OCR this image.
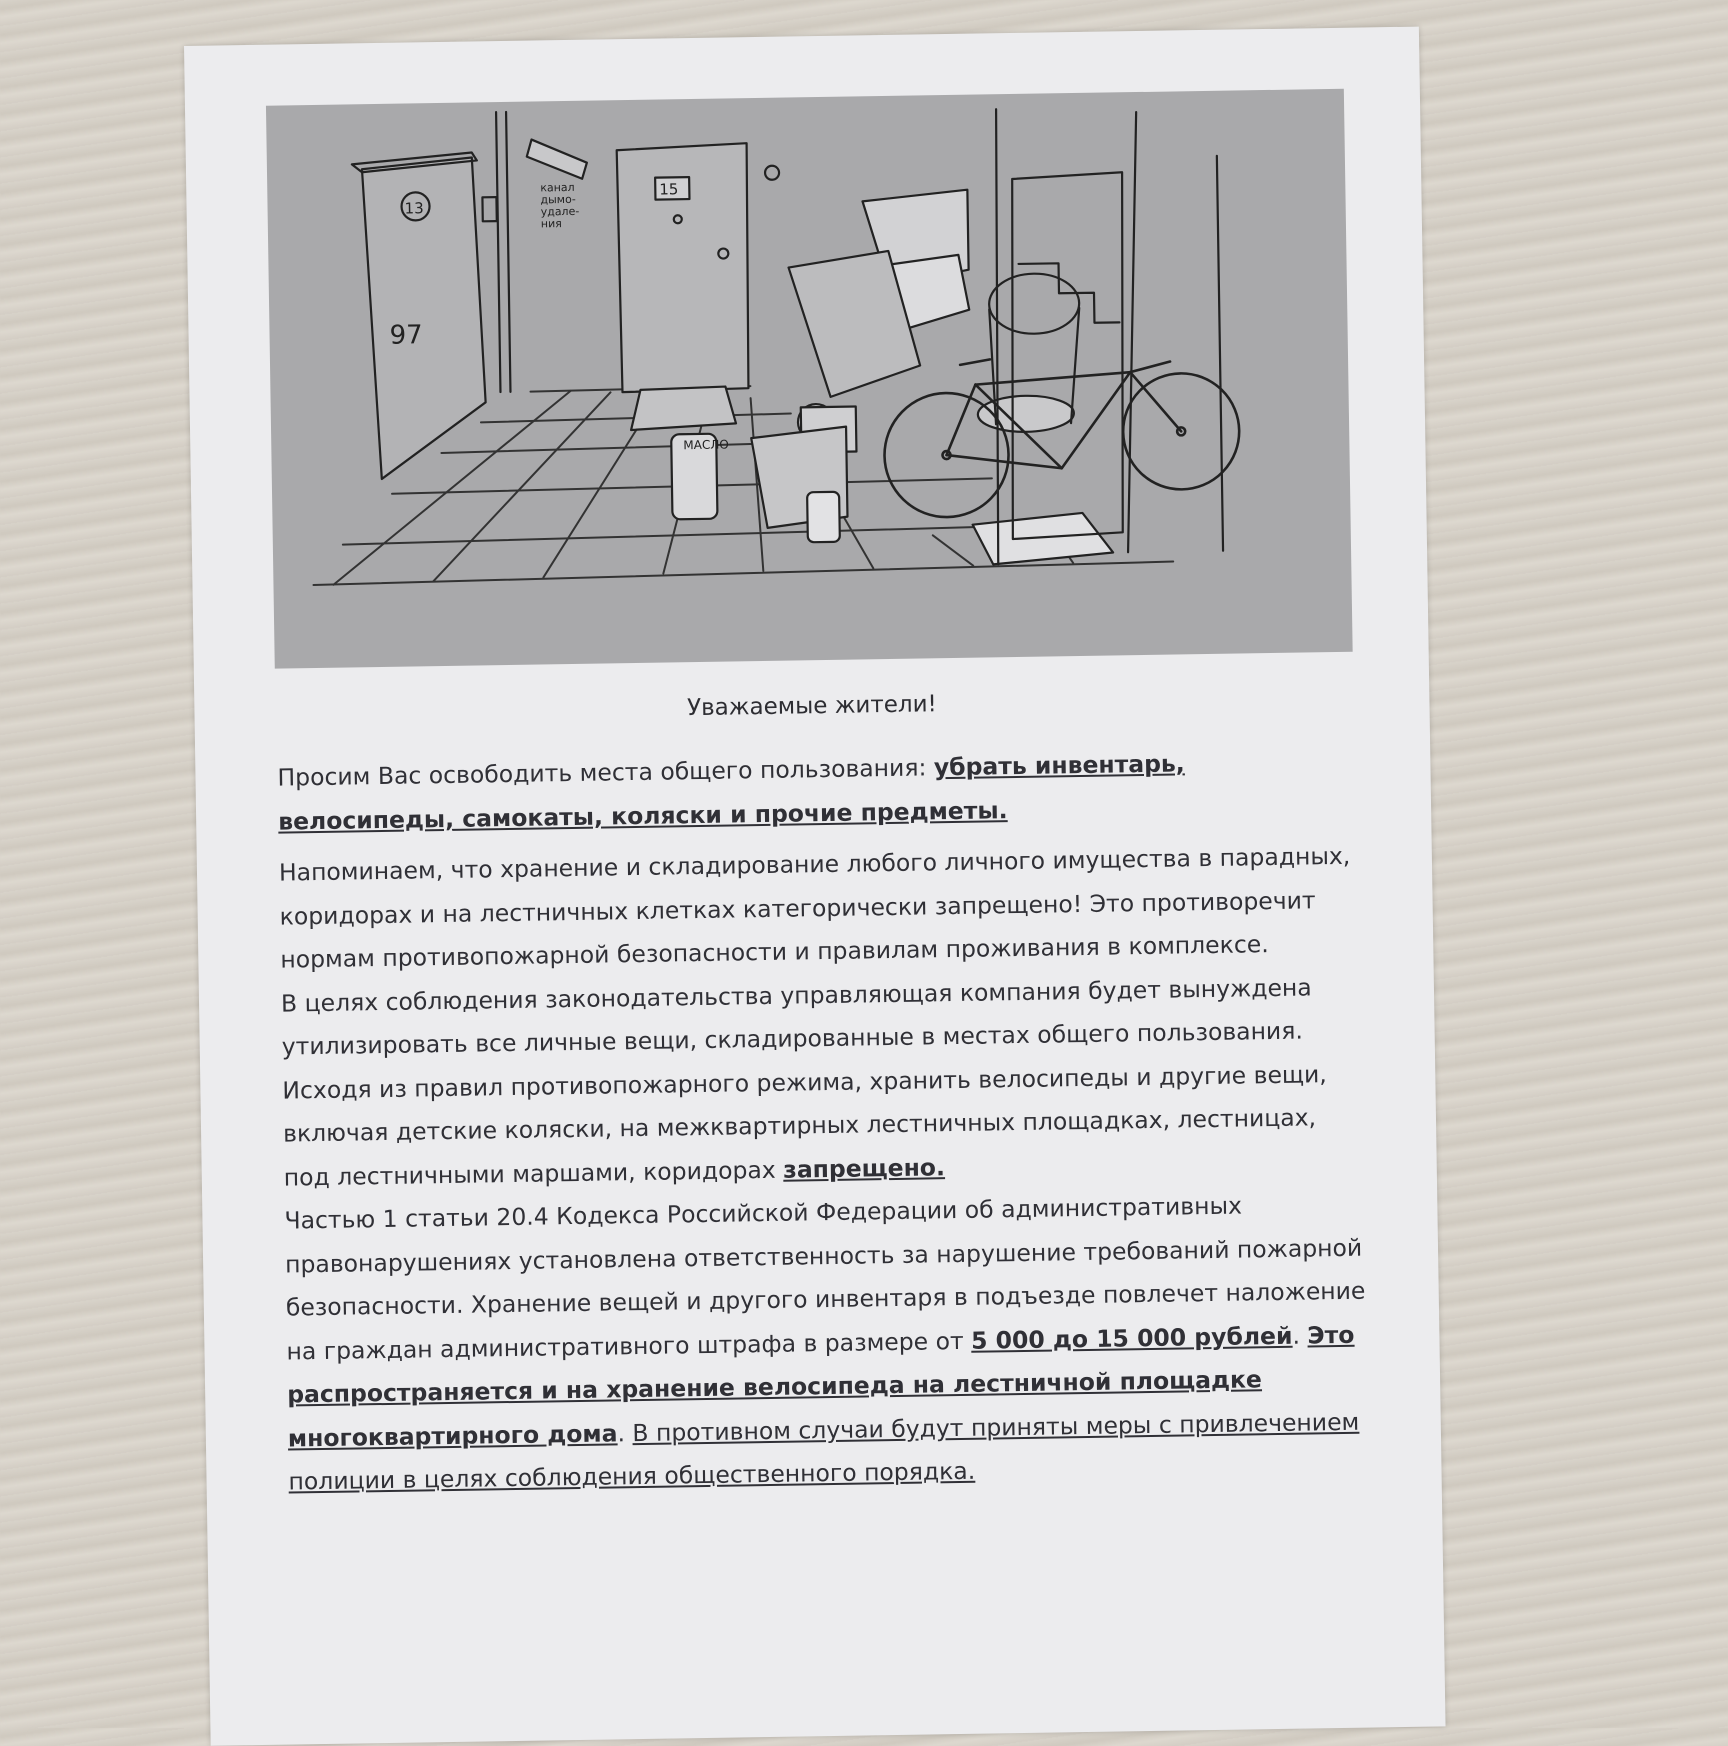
13
97
канал
дымо-
удале-
ния
15
МАСЛО
Уважаемые жители!

Просим Вас освободить места общего пользования: убрать инвентарь, велосипеды, самокаты, коляски и прочие предметы.

Напоминаем, что хранение и складирование любого личного имущества в парадных, коридорах и на лестничных клетках категорически запрещено! Это противоречит нормам противопожарной безопасности и правилам проживания в комплексе.

В целях соблюдения законодательства управляющая компания будет вынуждена утилизировать все личные вещи, складированные в местах общего пользования.

Исходя из правил противопожарного режима, хранить велосипеды и другие вещи, включая детские коляски, на межквартирных лестничных площадках, лестницах, под лестничными маршами, коридорах запрещено.

Частью 1 статьи 20.4 Кодекса Российской Федерации об административных правонарушениях установлена ответственность за нарушение требований пожарной безопасности. Хранение вещей и другого инвентаря в подъезде повлечет наложение на граждан административного штрафа в размере от 5 000 до 15 000 рублей. Это распространяется и на хранение велосипеда на лестничной площадке многоквартирного дома. В противном случаи будут приняты меры с привлечением полиции в целях соблюдения общественного порядка.
